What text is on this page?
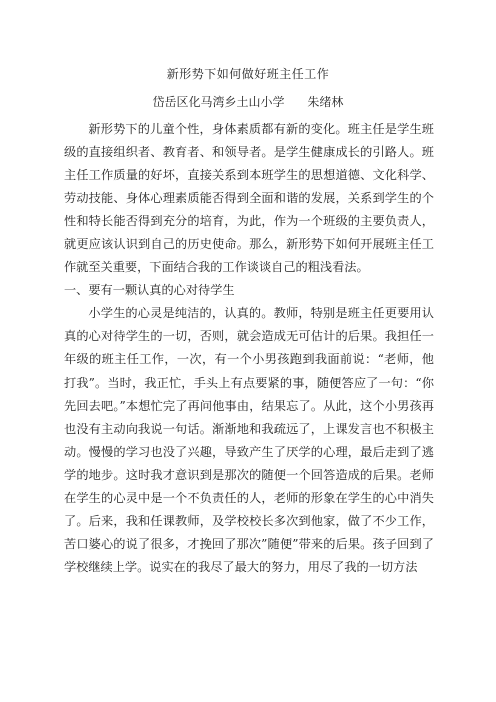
新形势下如何做好班主任工作
岱岳区化马湾乡土山小学      朱绪林

新形势下的儿童个性，身体素质都有新的变化。班主任是学生班级的直接组织者、教育者、和领导者。是学生健康成长的引路人。班主任工作质量的好坏，直接关系到本班学生的思想道德、文化科学、劳动技能、身体心理素质能否得到全面和谐的发展，关系到学生的个性和特长能否得到充分的培育，为此，作为一个班级的主要负责人，就更应该认识到自己的历史使命。那么，新形势下如何开展班主任工作就至关重要，下面结合我的工作谈谈自己的粗浅看法。

一、要有一颗认真的心对待学生

小学生的心灵是纯洁的，认真的。教师，特别是班主任更要用认真的心对待学生的一切，否则，就会造成无可估计的后果。我担任一年级的班主任工作，一次，有一个小男孩跑到我面前说：“老师，他打我”。当时，我正忙，手头上有点要紧的事，随便答应了一句：“你先回去吧。”本想忙完了再问他事由，结果忘了。从此，这个小男孩再也没有主动向我说一句话。渐渐地和我疏远了，上课发言也不积极主动。慢慢的学习也没了兴趣，导致产生了厌学的心理，最后走到了逃学的地步。这时我才意识到是那次的随便一个回答造成的后果。老师在学生的心灵中是一个不负责任的人，老师的形象在学生的心中消失了。后来，我和任课教师，及学校校长多次到他家，做了不少工作，苦口婆心的说了很多，才挽回了那次”随便”带来的后果。孩子回到了学校继续上学。说实在的我尽了最大的努力，用尽了我的一切方法
